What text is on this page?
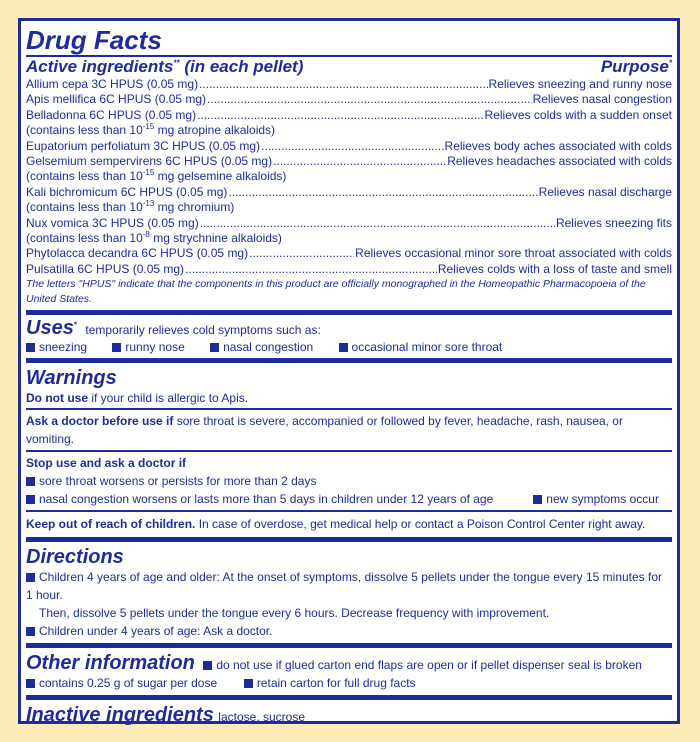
Drug Facts
Active ingredients** (in each pellet)	Purpose*
Allium cepa 3C HPUS (0.05 mg) .....	Relieves sneezing and runny nose
Apis mellifica 6C HPUS (0.05 mg) .....	Relieves nasal congestion
Belladonna 6C HPUS (0.05 mg) .....	Relieves colds with a sudden onset
(contains less than $10^{-15}$ mg atropine alkaloids)
Eupatorium perfoliatum 3C HPUS (0.05 mg) .....	Relieves body aches associated with colds
Gelsemium sempervirens 6C HPUS (0.05 mg) .....	Relieves headaches associated with colds
(contains less than $10^{-15}$ mg gelsemine alkaloids)
Kali bichromicum 6C HPUS (0.05 mg) .....	Relieves nasal discharge
(contains less than $10^{-13}$ mg chromium)
Nux vomica 3C HPUS (0.05 mg) .....	Relieves sneezing fits
(contains less than $10^{-8}$ mg strychnine alkaloids)
Phytolacca decandra 6C HPUS (0.05 mg) .....	Relieves occasional minor sore throat associated with colds
Pulsatilla 6C HPUS (0.05 mg) .....	Relieves colds with a loss of taste and smell
The letters "HPUS" indicate that the components in this product are officially monographed in the Homeopathic Pharmacopoeia of the United States.
Uses* temporarily relieves cold symptoms such as:
sneezing	runny nose	nasal congestion	occasional minor sore throat
Warnings
Do not use if your child is allergic to Apis.
Ask a doctor before use if sore throat is severe, accompanied or followed by fever, headache, rash, nausea, or vomiting.
Stop use and ask a doctor if
sore throat worsens or persists for more than 2 days
nasal congestion worsens or lasts more than 5 days in children under 12 years of age	new symptoms occur
Keep out of reach of children. In case of overdose, get medical help or contact a Poison Control Center right away.
Directions
Children 4 years of age and older: At the onset of symptoms, dissolve 5 pellets under the tongue every 15 minutes for 1 hour.
Then, dissolve 5 pellets under the tongue every 6 hours. Decrease frequency with improvement.
Children under 4 years of age: Ask a doctor.
Other information do not use if glued carton end flaps are open or if pellet dispenser seal is broken
contains 0.25 g of sugar per dose	retain carton for full drug facts
Inactive ingredients lactose, sucrose
